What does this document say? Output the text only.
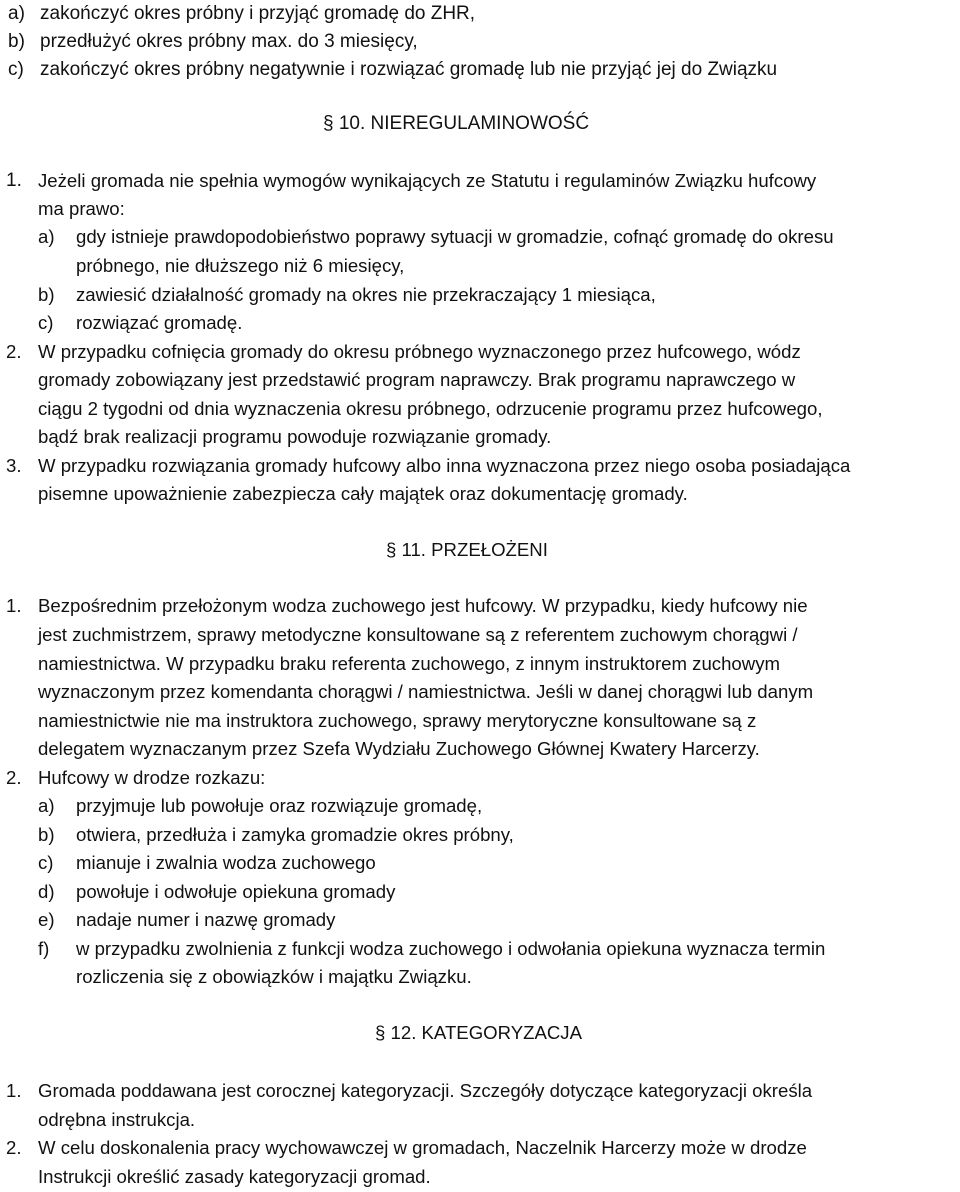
a) zakończyć okres próbny i przyjąć gromadę do ZHR,
b) przedłużyć okres próbny max. do 3 miesięcy,
c) zakończyć okres próbny negatywnie i rozwiązać gromadę lub nie przyjąć jej do Związku
§ 10. NIEREGULAMINOWOŚĆ
1. Jeżeli gromada nie spełnia wymogów wynikających ze Statutu i regulaminów Związku hufcowy
ma prawo:
a) gdy istnieje prawdopodobieństwo poprawy sytuacji w gromadzie, cofnąć gromadę do okresu
próbnego, nie dłuższego niż 6 miesięcy,
b) zawiesić działalność gromady na okres nie przekraczający 1 miesiąca,
c) rozwiązać gromadę.
2. W przypadku cofnięcia gromady do okresu próbnego wyznaczonego przez hufcowego, wódz
gromady zobowiązany jest przedstawić program naprawczy. Brak programu naprawczego w
ciągu 2 tygodni od dnia wyznaczenia okresu próbnego, odrzucenie programu przez hufcowego,
bądź brak realizacji programu powoduje rozwiązanie gromady.
3. W przypadku rozwiązania gromady hufcowy albo inna wyznaczona przez niego osoba posiadająca
pisemne upoważnienie zabezpiecza cały majątek oraz dokumentację gromady.
§ 11. PRZEŁOŻENI
1. Bezpośrednim przełożonym wodza zuchowego jest hufcowy. W przypadku, kiedy hufcowy nie
jest zuchmistrzem, sprawy metodyczne konsultowane są z referentem zuchowym chorągwi /
namiestnictwa. W przypadku braku referenta zuchowego, z innym instruktorem zuchowym
wyznaczonym przez komendanta chorągwi / namiestnictwa. Jeśli w danej chorągwi lub danym
namiestnictwie nie ma instruktora zuchowego, sprawy merytoryczne konsultowane są z
delegatem wyznaczanym przez Szefa Wydziału Zuchowego Głównej Kwatery Harcerzy.
2. Hufcowy w drodze rozkazu:
a) przyjmuje lub powołuje oraz rozwiązuje gromadę,
b) otwiera, przedłuża i zamyka gromadzie okres próbny,
c) mianuje i zwalnia wodza zuchowego
d) powołuje i odwołuje opiekuna gromady
e) nadaje numer i nazwę gromady
f) w przypadku zwolnienia z funkcji wodza zuchowego i odwołania opiekuna wyznacza termin
rozliczenia się z obowiązków i majątku Związku.
§ 12. KATEGORYZACJA
1. Gromada poddawana jest corocznej kategoryzacji. Szczegóły dotyczące kategoryzacji określa
odrębna instrukcja.
2. W celu doskonalenia pracy wychowawczej w gromadach, Naczelnik Harcerzy może w drodze
Instrukcji określić zasady kategoryzacji gromad.
